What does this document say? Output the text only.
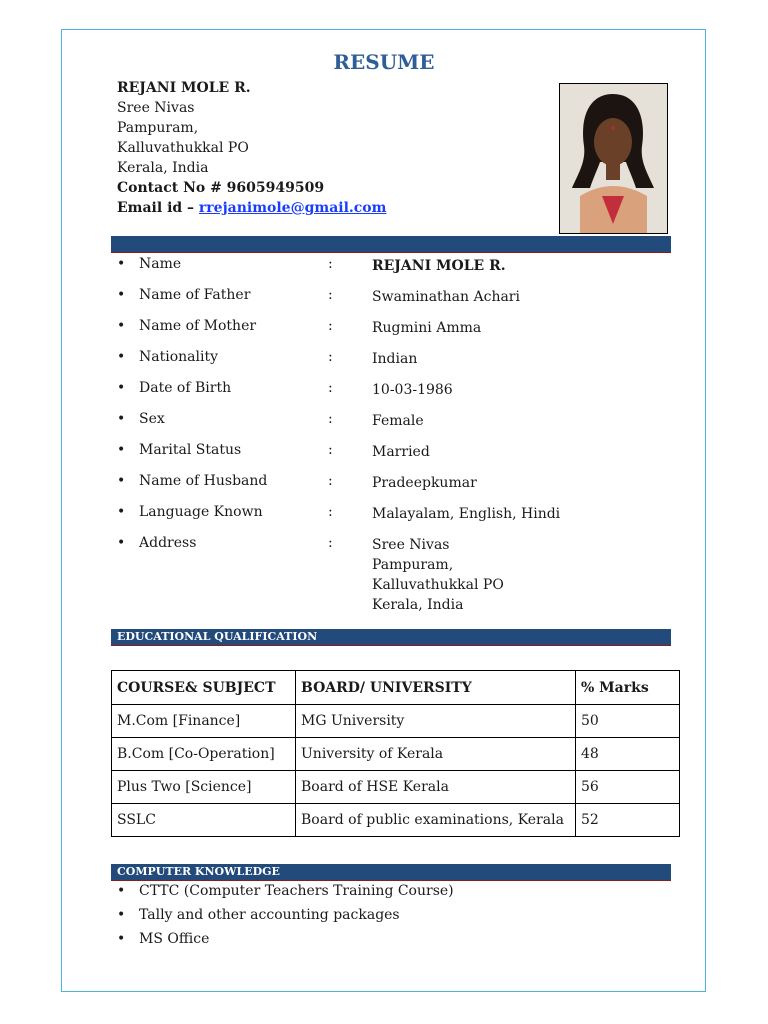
RESUME
REJANI MOLE R.
Sree Nivas
Pampuram,
Kalluvathukkal PO
Kerala, India
Contact No # 9605949509
Email id – rrejanimole@gmail.com
• Name	:	REJANI MOLE R.
• Name of Father	:	Swaminathan Achari
• Name of Mother	:	Rugmini Amma
• Nationality	:	Indian
• Date of Birth	:	10-03-1986
• Sex	:	Female
• Marital Status	:	Married
• Name of Husband	:	Pradeepkumar
• Language Known	:	Malayalam, English, Hindi
• Address	:	Sree Nivas
Pampuram,
Kalluvathukkal PO
Kerala, India
EDUCATIONAL QUALIFICATION
COURSE& SUBJECT	BOARD/ UNIVERSITY	% Marks
M.Com [Finance]	MG University	50
B.Com [Co-Operation]	University of Kerala	48
Plus Two [Science]	Board of HSE Kerala	56
SSLC	Board of public examinations, Kerala	52
COMPUTER KNOWLEDGE
• CTTC (Computer Teachers Training Course)
• Tally and other accounting packages
• MS Office
